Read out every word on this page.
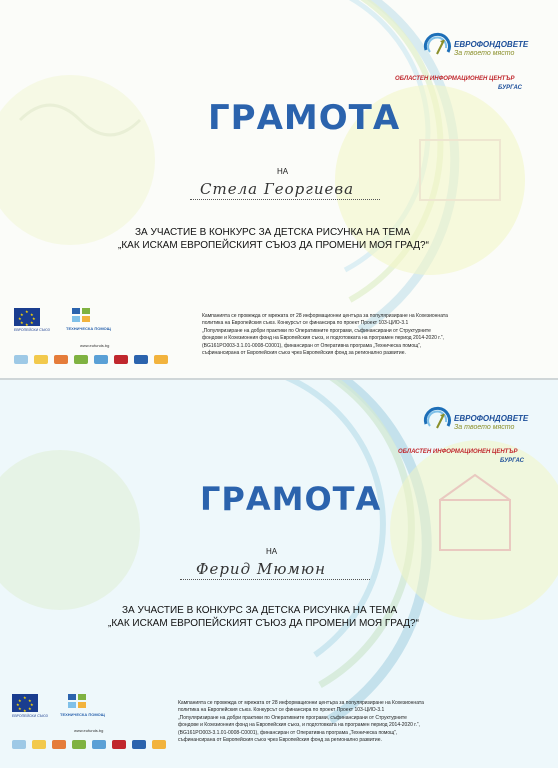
ЕВРОФОНДОВЕТЕ
За твоето място
ОБЛАСТЕН ИНФОРМАЦИОНЕН ЦЕНТЪР
БУРГАС
ГРАМОТА
НА
Стела Георгиева
ЗА УЧАСТИЕ В КОНКУРС ЗА ДЕТСКА РИСУНКА НА ТЕМА
„КАК ИСКАМ ЕВРОПЕЙСКИЯТ СЪЮЗ ДА ПРОМЕНИ МОЯ ГРАД?“
★
★ ★
★	★
★ ★
★
ЕВРОПЕЙСКИ СЪЮЗ	ТЕХНИЧЕСКА ПОМОЩ
www.eufunds.bg
Кампанията се провежда от мрежата от 28 информационни центъра за популяризиране на Кохезионната
политика на Европейския съюз. Конкурсът се финансира по проект Проект 103-ЦИО-3.1
„Популяризиране на добри практики по Оперативните програми, съфинансирани от Структурните
фондове и Кохезионния фонд на Европейския съюз, и подготовката на програмен период 2014-2020 г.“,
(BG161PO003-3.1.01-0008-C0001), финансиран от Оперативна програма „Техническа помощ“,
съфинансирана от Европейския съюз чрез Европейския фонд за регионално развитие.
ЕВРОФОНДОВЕТЕ
За твоето място
ОБЛАСТЕН ИНФОРМАЦИОНЕН ЦЕНТЪР
БУРГАС
ГРАМОТА
НА
Ферид Мюмюн
ЗА УЧАСТИЕ В КОНКУРС ЗА ДЕТСКА РИСУНКА НА ТЕМА
„КАК ИСКАМ ЕВРОПЕЙСКИЯТ СЪЮЗ ДА ПРОМЕНИ МОЯ ГРАД?“
★
★ ★
★	★
★ ★
★
ЕВРОПЕЙСКИ СЪЮЗ	ТЕХНИЧЕСКА ПОМОЩ
www.eufunds.bg
Кампанията се провежда от мрежата от 28 информационни центъра за популяризиране на Кохезионната
политика на Европейския съюз. Конкурсът се финансира по проект Проект 103-ЦИО-3.1
„Популяризиране на добри практики по Оперативните програми, съфинансирани от Структурните
фондове и Кохезионния фонд на Европейския съюз, и подготовката на програмен период 2014-2020 г.“,
(BG161PO003-3.1.01-0008-C0001), финансиран от Оперативна програма „Техническа помощ“,
съфинансирана от Европейския съюз чрез Европейския фонд за регионално развитие.
